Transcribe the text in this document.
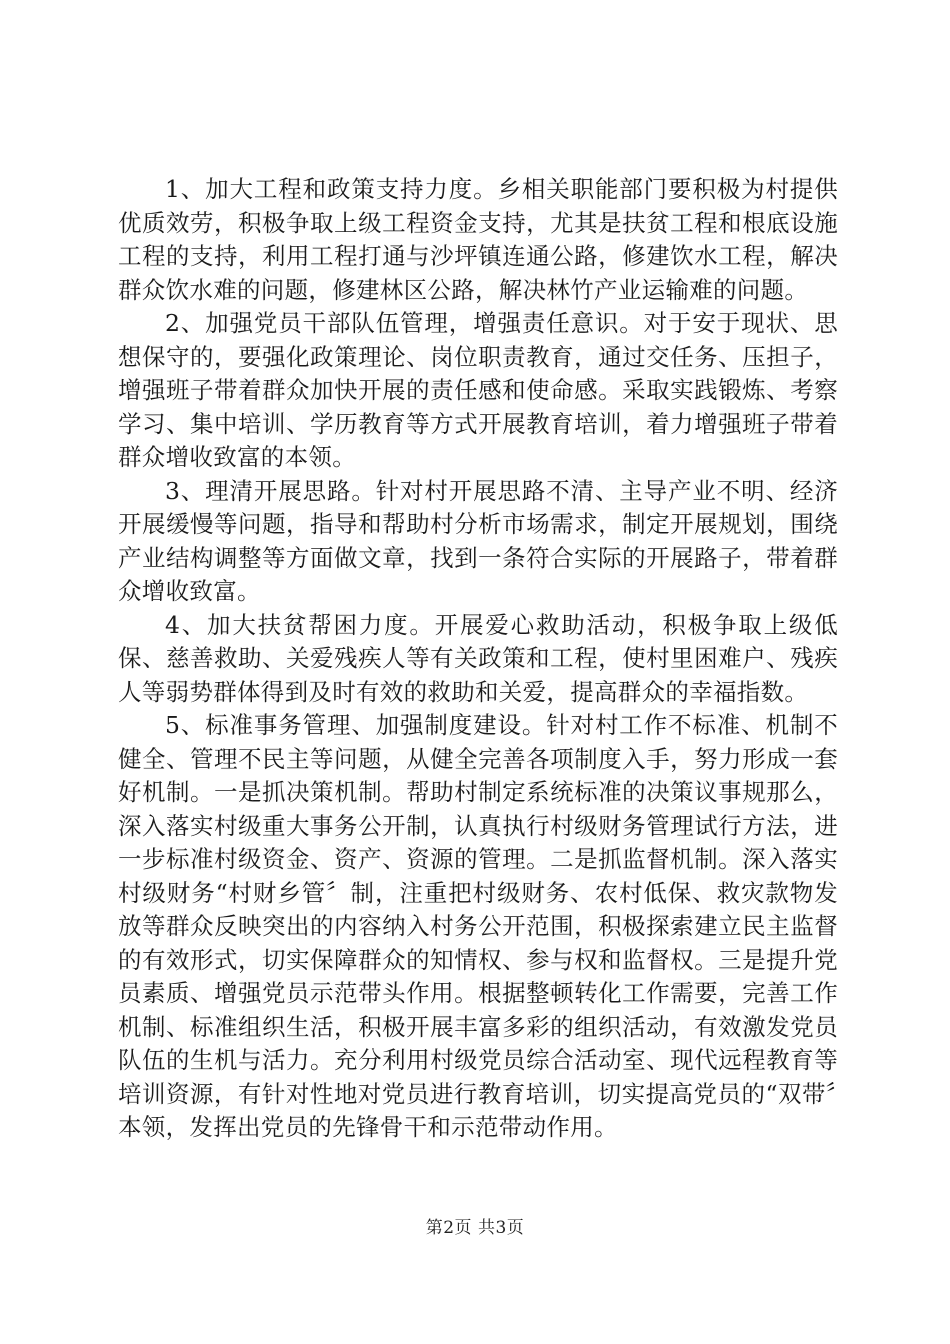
1、加大工程和政策支持力度。乡相关职能部门要积极为村提供优质效劳，积极争取上级工程资金支持，尤其是扶贫工程和根底设施工程的支持，利用工程打通与沙坪镇连通公路，修建饮水工程，解决群众饮水难的问题，修建林区公路，解决林竹产业运输难的问题。

2、加强党员干部队伍管理，增强责任意识。对于安于现状、思想保守的，要强化政策理论、岗位职责教育，通过交任务、压担子，增强班子带着群众加快开展的责任感和使命感。采取实践锻炼、考察学习、集中培训、学历教育等方式开展教育培训，着力增强班子带着群众增收致富的本领。

3、理清开展思路。针对村开展思路不清、主导产业不明、经济开展缓慢等问题，指导和帮助村分析市场需求，制定开展规划，围绕产业结构调整等方面做文章，找到一条符合实际的开展路子，带着群众增收致富。

4、加大扶贫帮困力度。开展爱心救助活动，积极争取上级低保、慈善救助、关爱残疾人等有关政策和工程，使村里困难户、残疾人等弱势群体得到及时有效的救助和关爱，提高群众的幸福指数。

5、标准事务管理、加强制度建设。针对村工作不标准、机制不健全、管理不民主等问题，从健全完善各项制度入手，努力形成一套好机制。一是抓决策机制。帮助村制定系统标准的决策议事规那么，深入落实村级重大事务公开制，认真执行村级财务管理试行方法，进一步标准村级资金、资产、资源的管理。二是抓监督机制。深入落实村级财务“村财乡管〞制，注重把村级财务、农村低保、救灾款物发放等群众反映突出的内容纳入村务公开范围，积极探索建立民主监督的有效形式，切实保障群众的知情权、参与权和监督权。三是提升党员素质、增强党员示范带头作用。根据整顿转化工作需要，完善工作机制、标准组织生活，积极开展丰富多彩的组织活动，有效激发党员队伍的生机与活力。充分利用村级党员综合活动室、现代远程教育等培训资源，有针对性地对党员进行教育培训，切实提高党员的“双带〞本领，发挥出党员的先锋骨干和示范带动作用。

第2页 共3页
